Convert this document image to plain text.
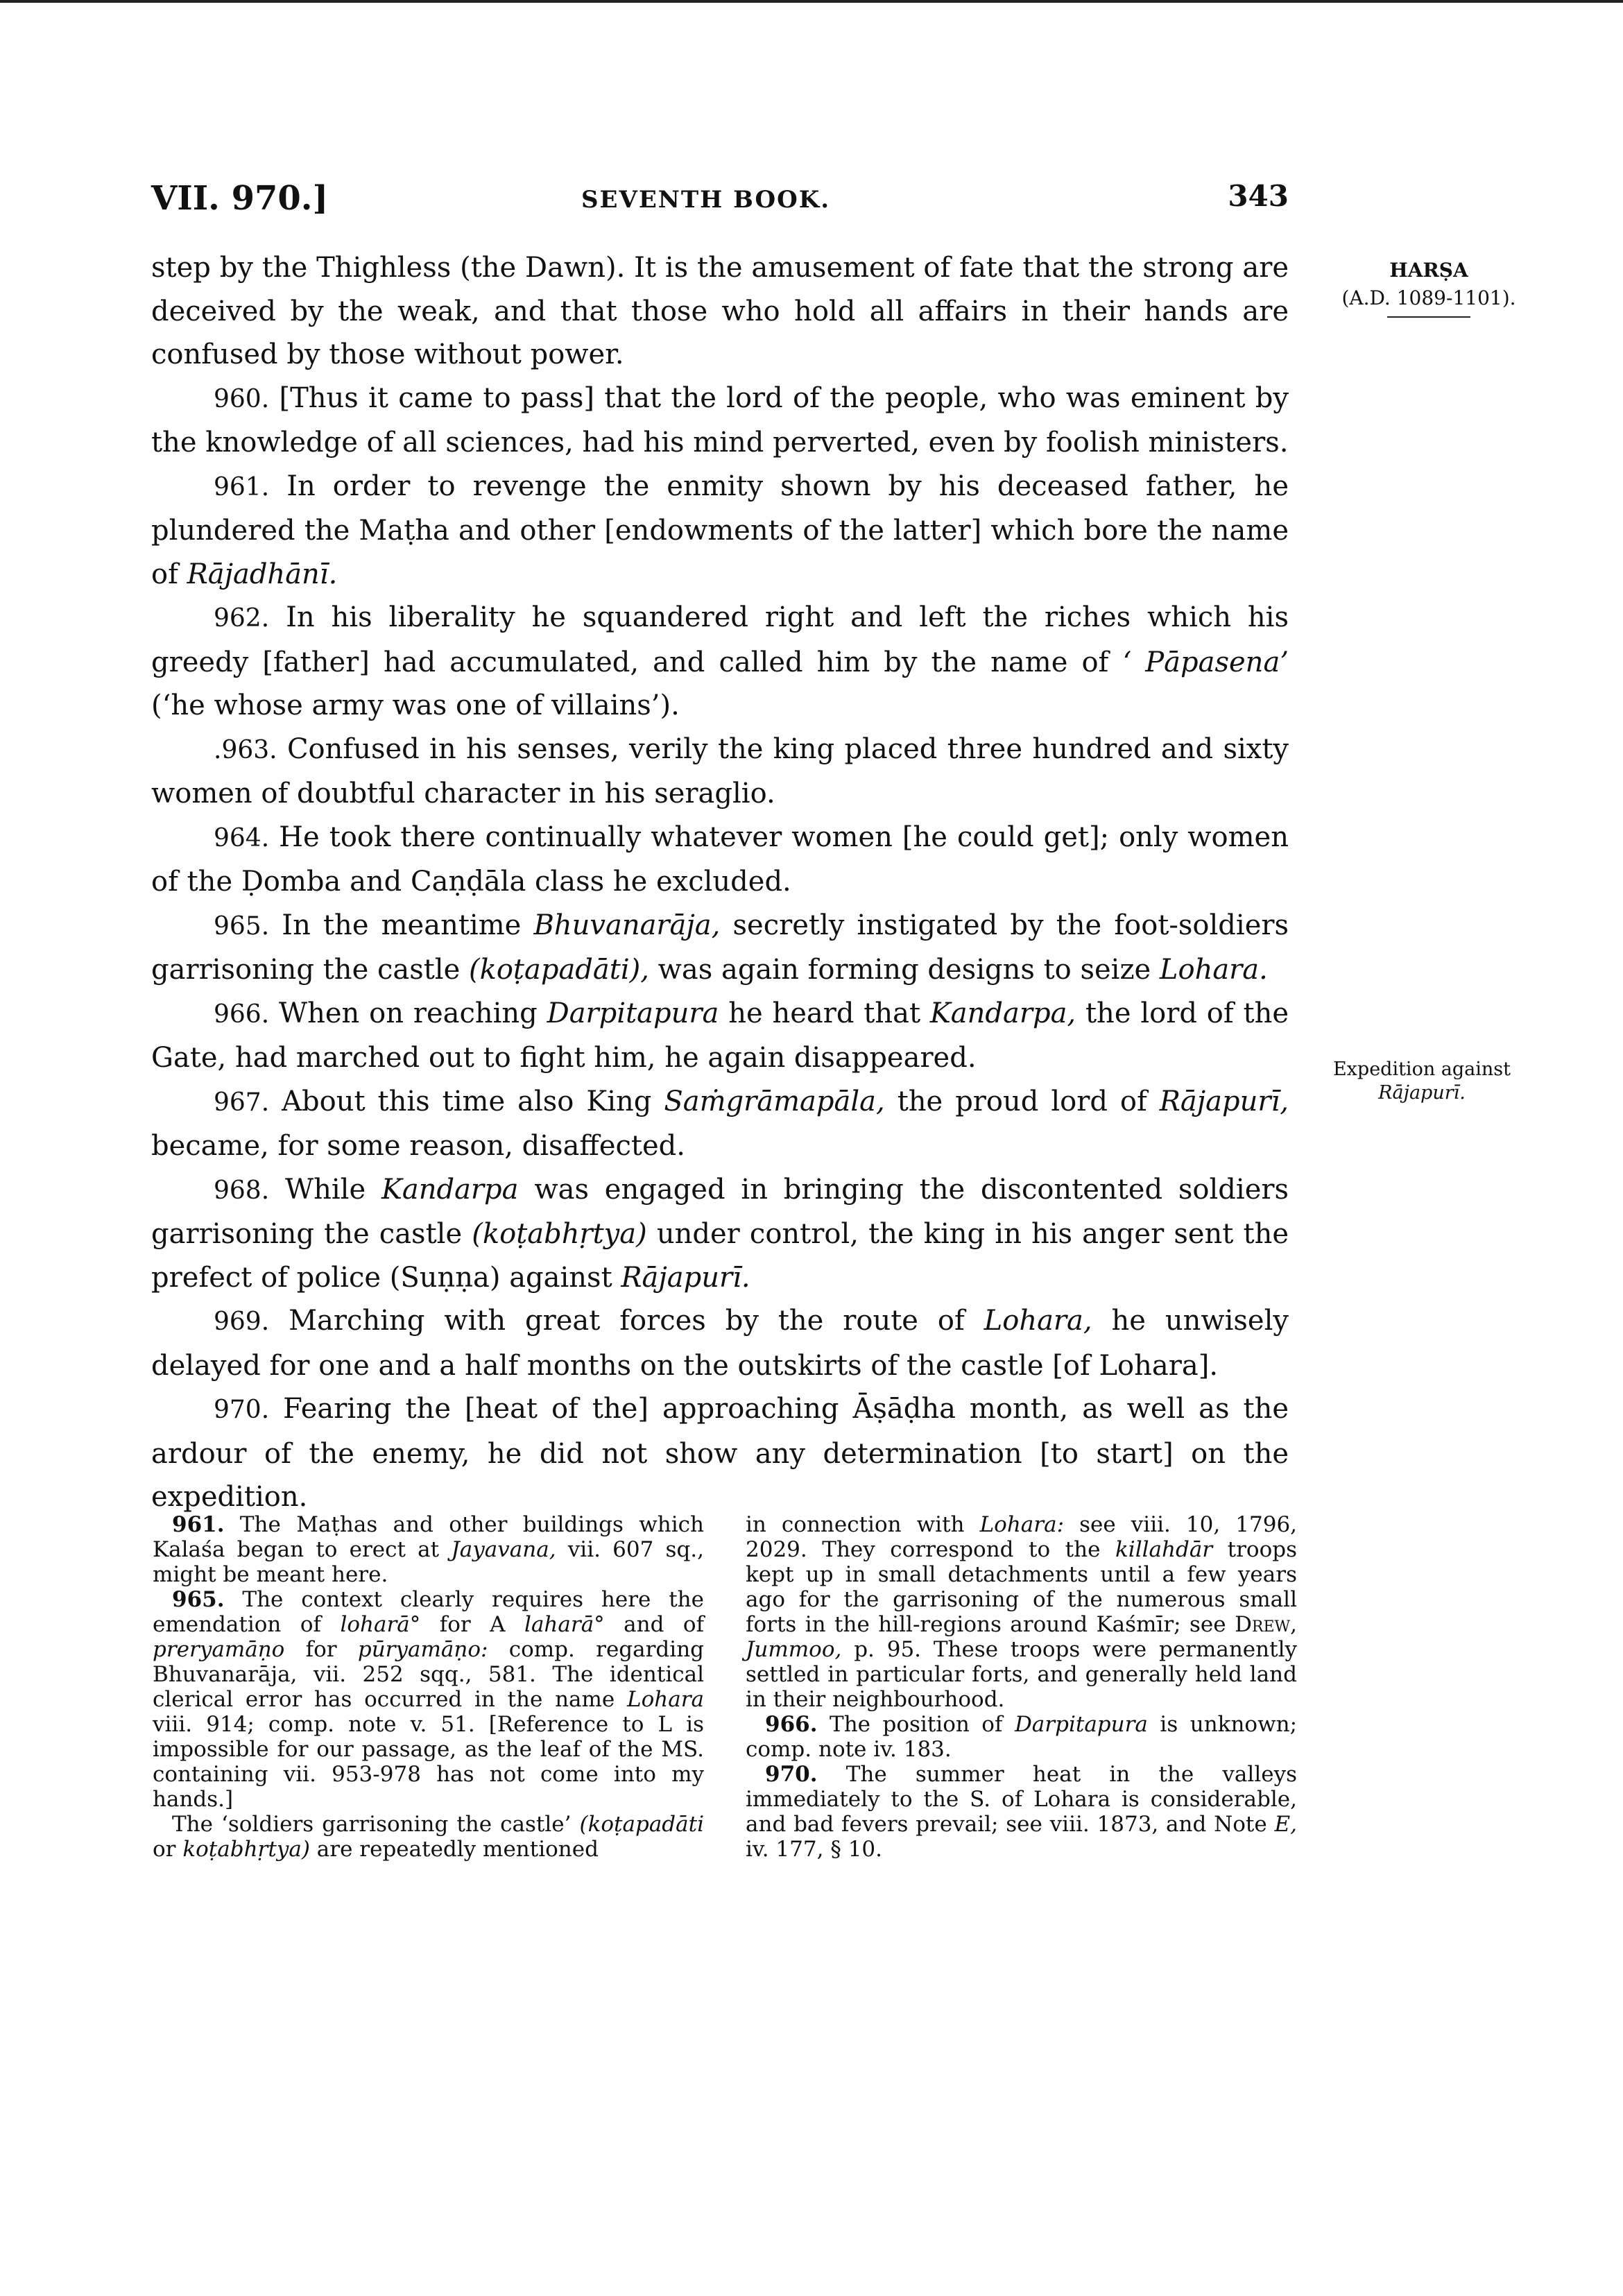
VII. 970.]	SEVENTH BOOK.	343
HARṢA
(A.D. 1089-1101).
Expedition against
Rājapurī.

step by the Thighless (the Dawn). It is the amusement of fate that the strong are deceived by the weak, and that those who hold all affairs in their hands are confused by those without power.

960. [Thus it came to pass] that the lord of the people, who was eminent by the knowledge of all sciences, had his mind perverted, even by foolish ministers.

961. In order to revenge the enmity shown by his deceased father, he plundered the Maṭha and other [endowments of the latter] which bore the name of Rājadhānī.

962. In his liberality he squandered right and left the riches which his greedy [father] had accumulated, and called him by the name of ‘ Pāpasena’ (‘he whose army was one of villains’).

.963. Confused in his senses, verily the king placed three hundred and sixty women of doubtful character in his seraglio.

964. He took there continually whatever women [he could get]; only women of the Ḍomba and Caṇḍāla class he excluded.

965. In the meantime Bhuvanarāja, secretly instigated by the foot-soldiers garrisoning the castle (koṭapadāti), was again forming designs to seize Lohara.

966. When on reaching Darpitapura he heard that Kandarpa, the lord of the Gate, had marched out to fight him, he again disappeared.

967. About this time also King Saṁgrāmapāla, the proud lord of Rājapurī, became, for some reason, disaffected.

968. While Kandarpa was engaged in bringing the discontented soldiers garrisoning the castle (koṭabhṛtya) under control, the king in his anger sent the prefect of police (Suṇṇa) against Rājapurī.

969. Marching with great forces by the route of Lohara, he unwisely delayed for one and a half months on the outskirts of the castle [of Lohara].

970. Fearing the [heat of the] approaching Āṣāḍha month, as well as the ardour of the enemy, he did not show any determination [to start] on the expedition.

961. The Maṭhas and other buildings which Kalaśa began to erect at Jayavana, vii. 607 sq., might be meant here.

965. The context clearly requires here the emendation of loharā° for A laharā° and of preryamāṇo for pūryamāṇo: comp. regarding Bhuvanarāja, vii. 252 sqq., 581. The identical clerical error has occurred in the name Lohara viii. 914; comp. note v. 51. [Reference to L is impossible for our passage, as the leaf of the MS. containing vii. 953-978 has not come into my hands.]

The ‘soldiers garrisoning the castle’ (koṭapadāti or koṭabhṛtya) are repeatedly mentioned

in connection with Lohara: see viii. 10, 1796, 2029. They correspond to the killahdār troops kept up in small detachments until a few years ago for the garrisoning of the numerous small forts in the hill-regions around Kaśmīr; see Drew, Jummoo, p. 95. These troops were permanently settled in particular forts, and generally held land in their neighbourhood.

966. The position of Darpitapura is unknown; comp. note iv. 183.

970. The summer heat in the valleys immediately to the S. of Lohara is considerable, and bad fevers prevail; see viii. 1873, and Note E, iv. 177, § 10.
